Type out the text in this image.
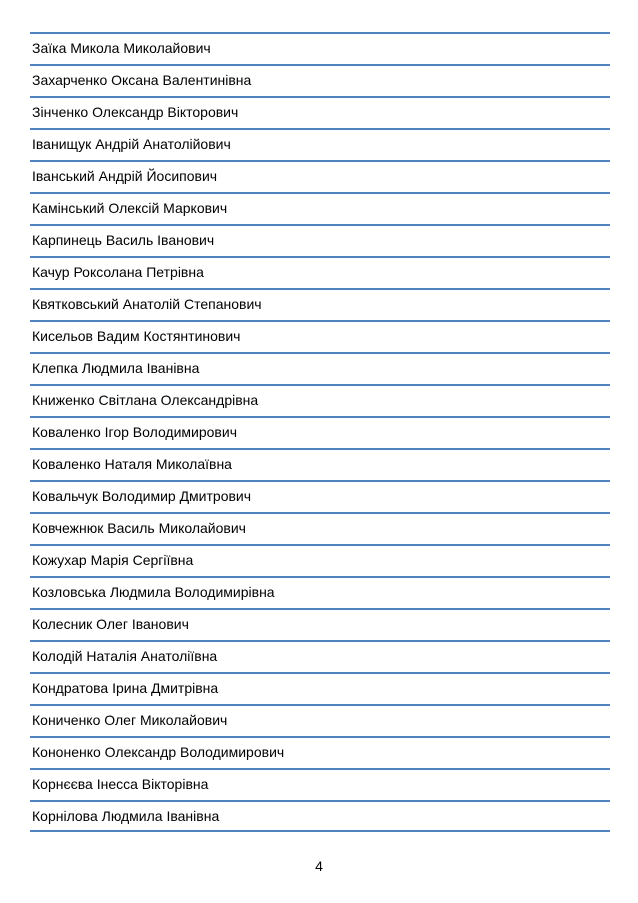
Заїка Микола Миколайович
Захарченко Оксана Валентинівна
Зінченко Олександр Вікторович
Іванищук Андрій Анатолійович
Іванський Андрій Йосипович
Камінський Олексій Маркович
Карпинець Василь Іванович
Качур Роксолана Петрівна
Квятковський Анатолій Степанович
Кисельов Вадим Костянтинович
Клепка Людмила Іванівна
Книженко Світлана Олександрівна
Коваленко Ігор Володимирович
Коваленко Наталя Миколаївна
Ковальчук Володимир Дмитрович
Ковчежнюк Василь Миколайович
Кожухар Марія Сергіївна
Козловська Людмила Володимирівна
Колесник Олег Іванович
Колодій Наталія Анатоліївна
Кондратова Ірина Дмитрівна
Кониченко Олег Миколайович
Кононенко Олександр Володимирович
Корнєєва Інесса Вікторівна
Корнілова Людмила Іванівна
4
